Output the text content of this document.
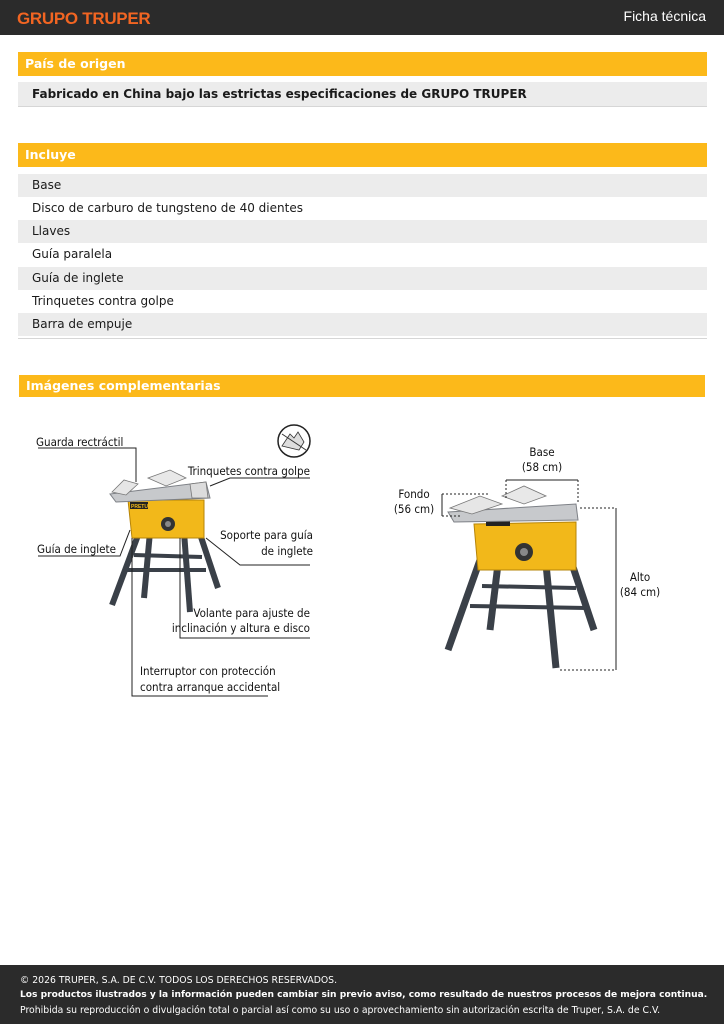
GRUPO TRUPER	Ficha técnica
País de origen
Fabricado en China bajo las estrictas especificaciones de GRUPO TRUPER
Incluye
Base
Disco de carburo de tungsteno de 40 dientes
Llaves
Guía paralela
Guía de inglete
Trinquetes contra golpe
Barra de empuje
Imágenes complementarias
PRETUL
Guarda rectráctil
Trinquetes contra golpe
Guía de inglete
Soporte para guía
de inglete
Volante para ajuste de
inclinación y altura e disco
Interruptor con protección
contra arranque accidental
Base
(58 cm)
Fondo
(56 cm)
Alto
(84 cm)
© 2026 TRUPER, S.A. DE C.V. TODOS LOS DERECHOS RESERVADOS.
Los productos ilustrados y la información pueden cambiar sin previo aviso, como resultado de nuestros procesos de mejora continua.
Prohibida su reproducción o divulgación total o parcial así como su uso o aprovechamiento sin autorización escrita de Truper, S.A. de C.V.
